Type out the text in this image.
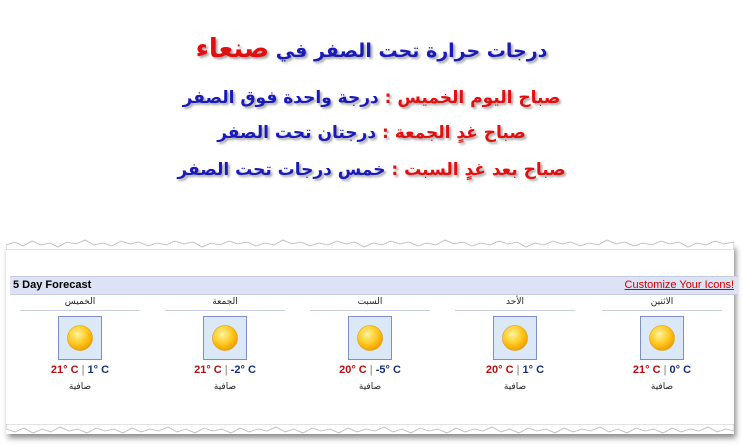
درجات حرارة تحت الصفر في صنعاء
صباح اليوم الخميس : درجة واحدة فوق الصفر
صباح غدٍ الجمعة : درجتان تحت الصفر
صباح بعد غدٍ السبت : خمس درجات تحت الصفر
5 Day Forecast	Customize Your Icons!
الخميس
21° C | 1° C
صافية
الجمعة
21° C | -2° C
صافية
السبت
20° C | -5° C
صافية
الأحد
20° C | 1° C
صافية
الاثنين
21° C | 0° C
صافية
